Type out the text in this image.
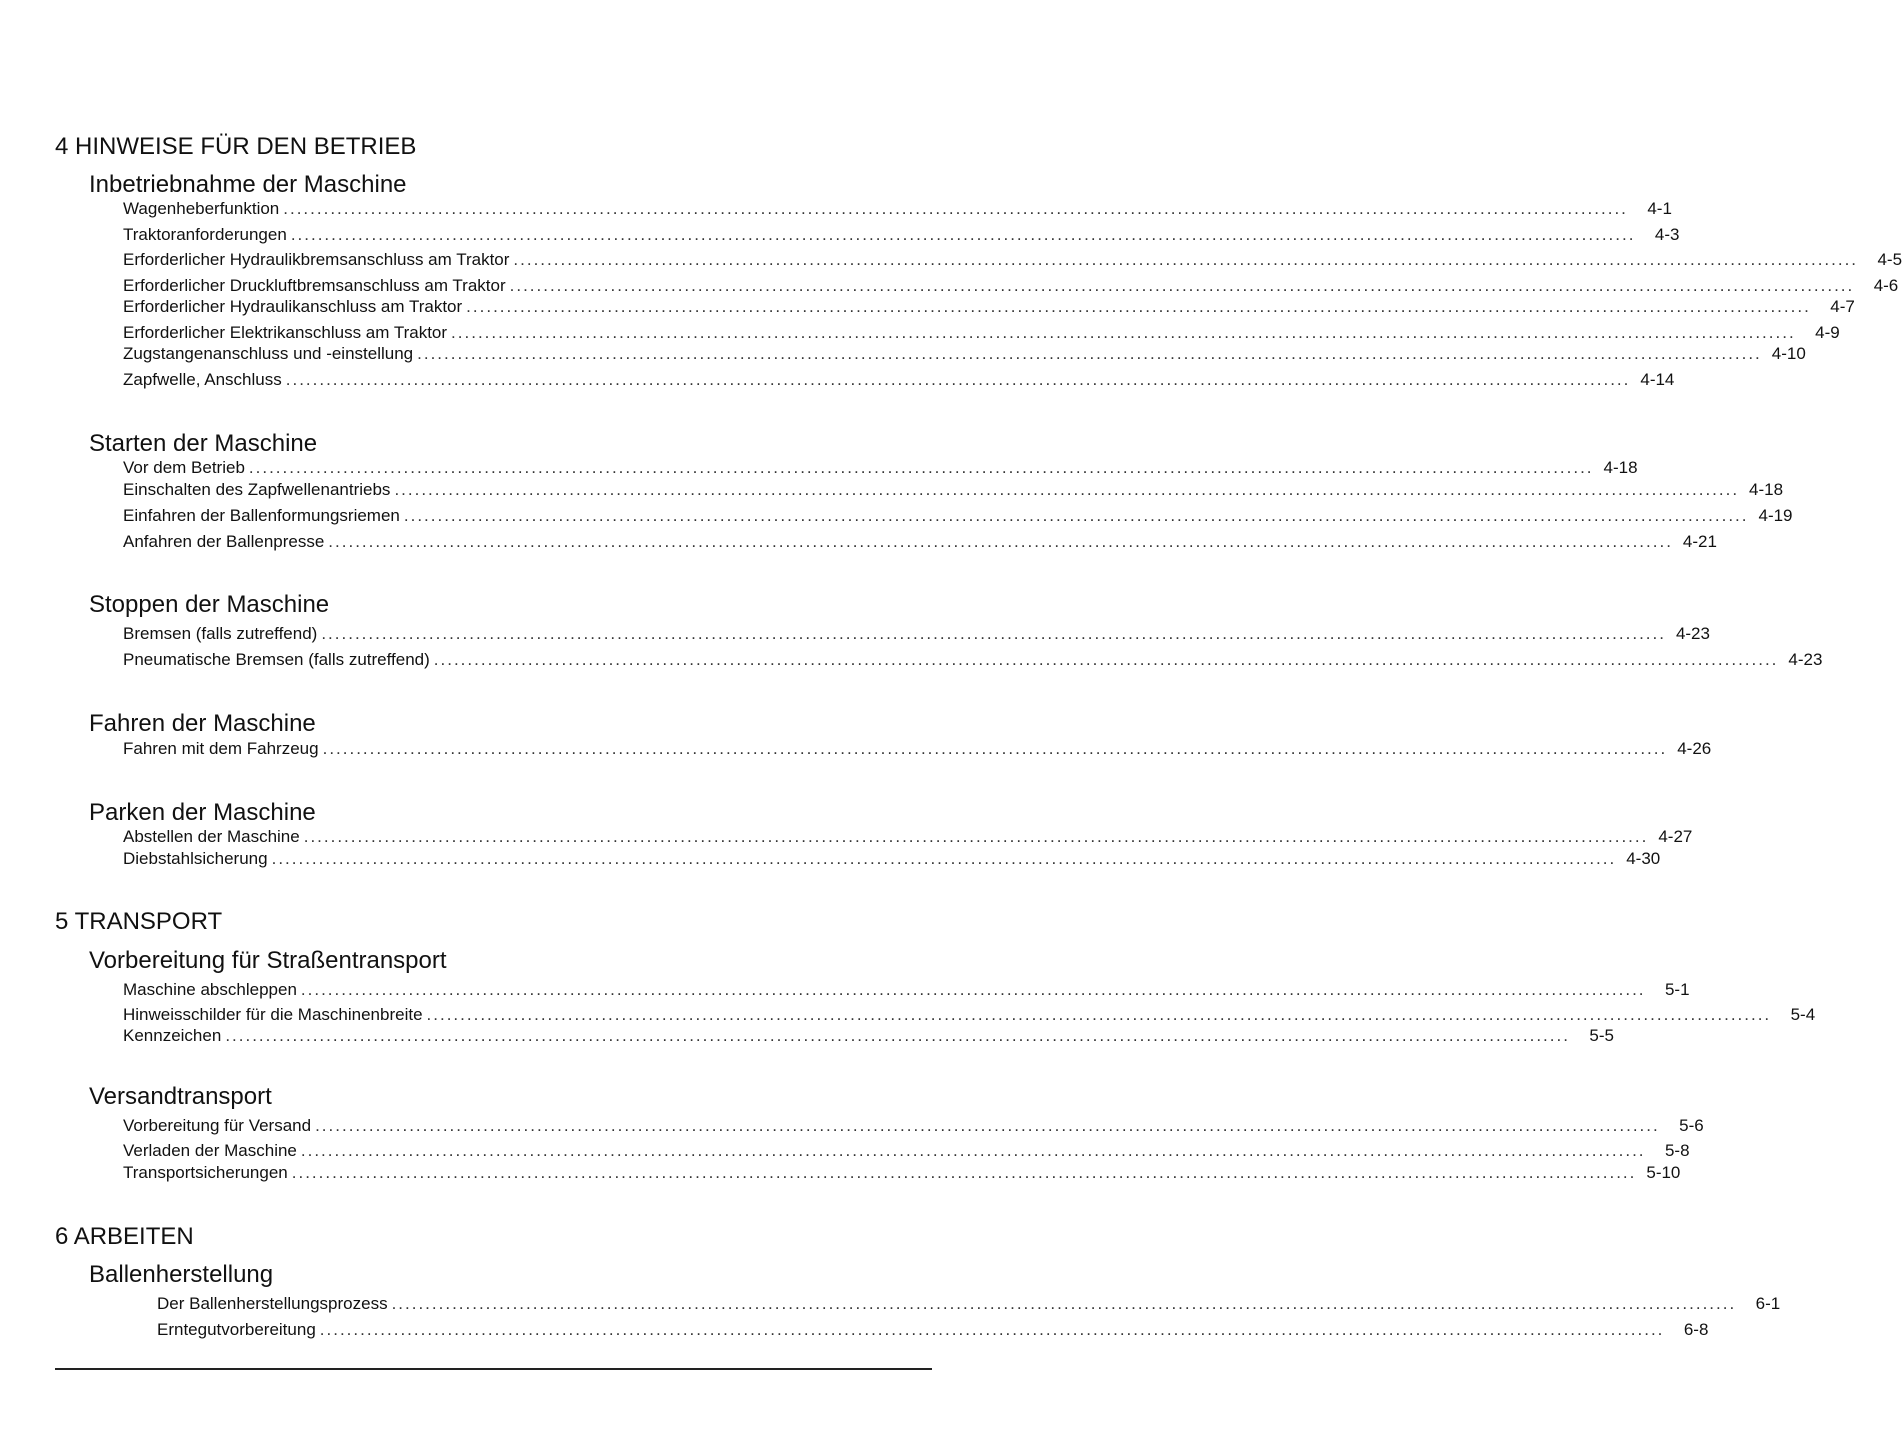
4 HINWEISE FÜR DEN BETRIEB
Inbetriebnahme der Maschine
Wagenheberfunktion ........................................................................................................................................................................................................	4-1
Traktoranforderungen ........................................................................................................................................................................................................	4-3
Erforderlicher Hydraulikbremsanschluss am Traktor ........................................................................................................................................................................................................	4-5
Erforderlicher Druckluftbremsanschluss am Traktor ........................................................................................................................................................................................................	4-6
Erforderlicher Hydraulikanschluss am Traktor ........................................................................................................................................................................................................	4-7
Erforderlicher Elektrikanschluss am Traktor ........................................................................................................................................................................................................	4-9
Zugstangenanschluss und -einstellung ........................................................................................................................................................................................................ 4-10
Zapfwelle, Anschluss ........................................................................................................................................................................................................ 4-14
Starten der Maschine
Vor dem Betrieb ........................................................................................................................................................................................................ 4-18
Einschalten des Zapfwellenantriebs ........................................................................................................................................................................................................ 4-18
Einfahren der Ballenformungsriemen ........................................................................................................................................................................................................ 4-19
Anfahren der Ballenpresse ........................................................................................................................................................................................................ 4-21
Stoppen der Maschine
Bremsen (falls zutreffend) ........................................................................................................................................................................................................ 4-23
Pneumatische Bremsen (falls zutreffend) ........................................................................................................................................................................................................ 4-23
Fahren der Maschine
Fahren mit dem Fahrzeug ........................................................................................................................................................................................................ 4-26
Parken der Maschine
Abstellen der Maschine ........................................................................................................................................................................................................ 4-27
Diebstahlsicherung ........................................................................................................................................................................................................ 4-30
5 TRANSPORT
Vorbereitung für Straßentransport
Maschine abschleppen ........................................................................................................................................................................................................	5-1
Hinweisschilder für die Maschinenbreite ........................................................................................................................................................................................................	5-4
Kennzeichen ........................................................................................................................................................................................................	5-5
Versandtransport
Vorbereitung für Versand ........................................................................................................................................................................................................	5-6
Verladen der Maschine ........................................................................................................................................................................................................	5-8
Transportsicherungen ........................................................................................................................................................................................................ 5-10
6 ARBEITEN
Ballenherstellung
Der Ballenherstellungsprozess ........................................................................................................................................................................................................	6-1
Erntegutvorbereitung ........................................................................................................................................................................................................	6-8
